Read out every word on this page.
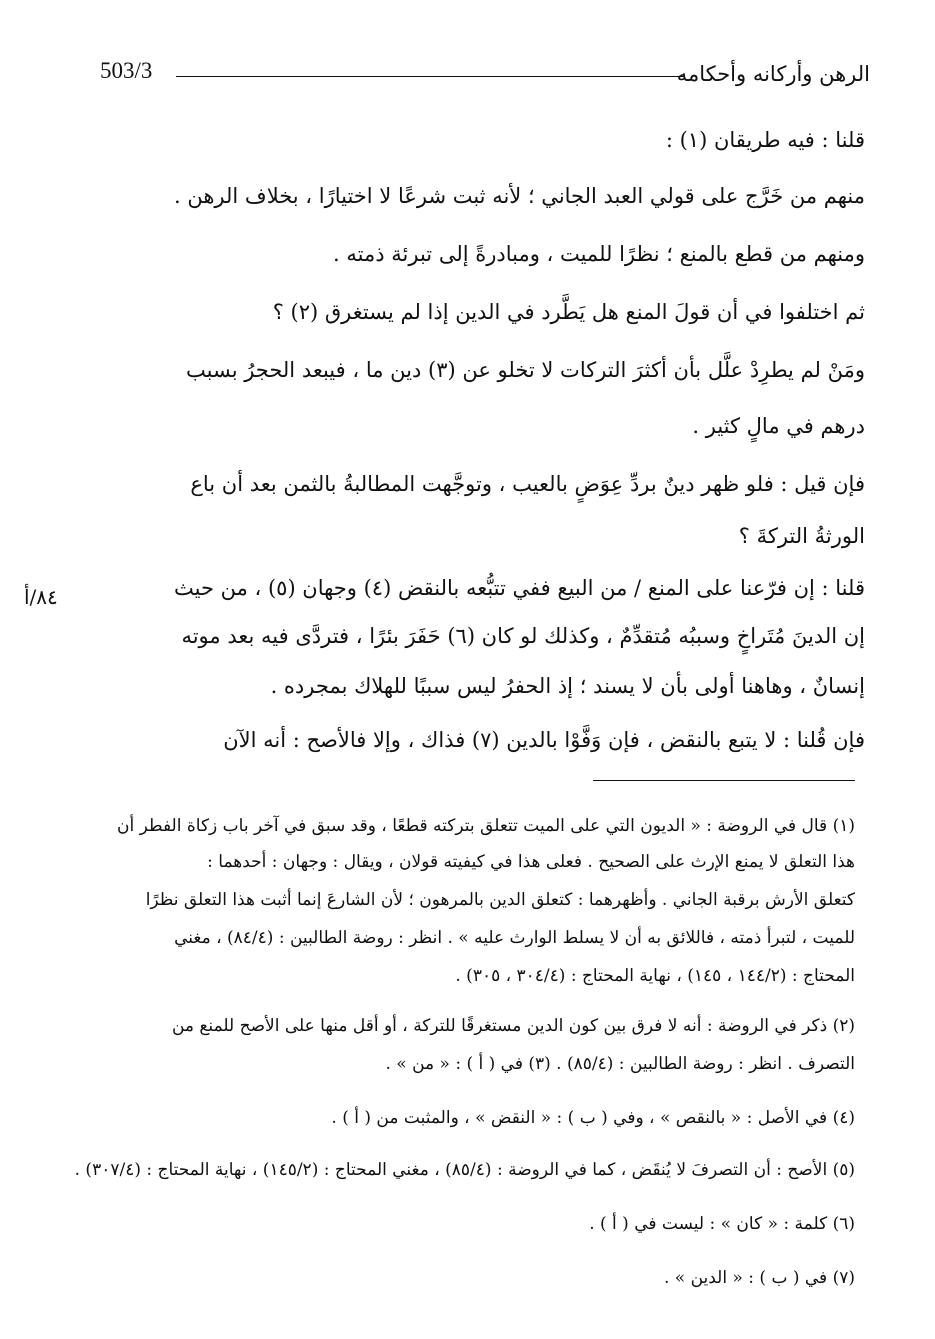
503/3	الرهن وأركانه وأحكامه
قلنا : فيه طريقان (١) :
منهم من خَرَّج على قولي العبد الجاني ؛ لأنه ثبت شرعًا لا اختيارًا ، بخلاف الرهن .
ومنهم من قطع بالمنع ؛ نظرًا للميت ، ومبادرةً إلى تبرئة ذمته .
ثم اختلفوا في أن قولَ المنع هل يَطَّرد في الدين إذا لم يستغرق (٢) ؟
ومَنْ لم يطرِدْ علَّل بأن أكثرَ التركات لا تخلو عن (٣) دين ما ، فيبعد الحجرُ بسبب
درهم في مالٍ كثير .
فإن قيل : فلو ظهر دينٌ بردِّ عِوَضٍ بالعيب ، وتوجَّهت المطالبةُ بالثمن بعد أن باع
الورثةُ التركةَ ؟
قلنا : إن فرّعنا على المنع / من البيع ففي تتبُّعه بالنقض (٤) وجهان (٥) ، من حيث
إن الدينَ مُتَراخٍ وسببُه مُتقدِّمٌ ، وكذلك لو كان (٦) حَفَرَ بئرًا ، فتردَّى فيه بعد موته
إنسانٌ ، وهاهنا أولى بأن لا يسند ؛ إذ الحفرُ ليس سببًا للهلاك بمجرده .
فإن قُلنا : لا يتبع بالنقض ، فإن وَفَّوْا بالدين (٧) فذاك ، وإلا فالأصح : أنه الآن
٨٤/أ
(١) قال في الروضة : « الديون التي على الميت تتعلق بتركته قطعًا ، وقد سبق في آخر باب زكاة الفطر أن
هذا التعلق لا يمنع الإرث على الصحيح . فعلى هذا في كيفيته قولان ، ويقال : وجهان : أحدهما :
كتعلق الأرش برقبة الجاني . وأظهرهما : كتعلق الدين بالمرهون ؛ لأن الشارعَ إنما أثبت هذا التعلق نظرًا
للميت ، لتبرأ ذمته ، فاللائق به أن لا يسلط الوارث عليه » . انظر : روضة الطالبين : (٨٤/٤) ، مغني
المحتاج : (١٤٤/٢ ، ١٤٥) ، نهاية المحتاج : (٣٠٤/٤ ، ٣٠٥) .
(٢) ذكر في الروضة : أنه لا فرق بين كون الدين مستغرقًا للتركة ، أو أقل منها على الأصح للمنع من
التصرف . انظر : روضة الطالبين : (٨٥/٤) . (٣) في ( أ ) : « من » .
(٤) في الأصل : « بالنقص » ، وفي ( ب ) : « النقض » ، والمثبت من ( أ ) .
(٥) الأصح : أن التصرفَ لا يُنقَض ، كما في الروضة : (٨٥/٤) ، مغني المحتاج : (١٤٥/٢) ، نهاية المحتاج : (٣٠٧/٤) .
(٦) كلمة : « كان » : ليست في ( أ ) .
(٧) في ( ب ) : « الدين » .
